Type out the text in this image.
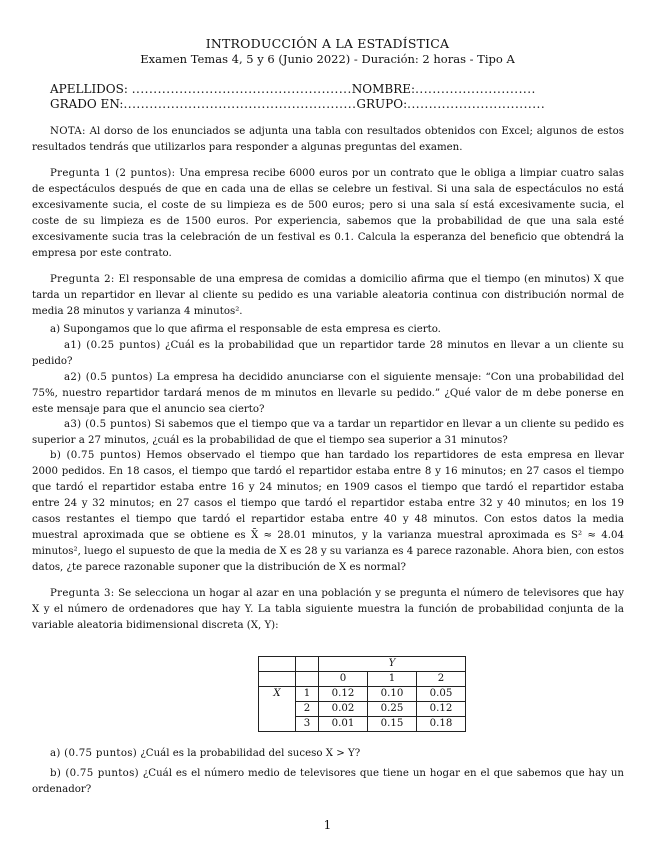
INTRODUCCIÓN A LA ESTADÍSTICA
Examen Temas 4, 5 y 6 (Junio 2022) - Duración: 2 horas - Tipo A
APELLIDOS: ...................................................NOMBRE:............................
GRADO EN:......................................................GRUPO:................................
NOTA: Al dorso de los enunciados se adjunta una tabla con resultados obtenidos con Excel; algunos de estos resultados tendrás que utilizarlos para responder a algunas preguntas del examen.
Pregunta 1 (2 puntos): Una empresa recibe 6000 euros por un contrato que le obliga a limpiar cuatro salas de espectáculos después de que en cada una de ellas se celebre un festival. Si una sala de espectáculos no está excesivamente sucia, el coste de su limpieza es de 500 euros; pero si una sala sí está excesivamente sucia, el coste de su limpieza es de 1500 euros. Por experiencia, sabemos que la probabilidad de que una sala esté excesivamente sucia tras la celebración de un festival es 0.1. Calcula la esperanza del beneficio que obtendrá la empresa por este contrato.
Pregunta 2: El responsable de una empresa de comidas a domicilio afirma que el tiempo (en minutos) X que tarda un repartidor en llevar al cliente su pedido es una variable aleatoria continua con distribución normal de media 28 minutos y varianza 4 minutos².
a) Supongamos que lo que afirma el responsable de esta empresa es cierto.
a1) (0.25 puntos) ¿Cuál es la probabilidad que un repartidor tarde 28 minutos en llevar a un cliente su pedido?
a2) (0.5 puntos) La empresa ha decidido anunciarse con el siguiente mensaje: “Con una probabilidad del 75%, nuestro repartidor tardará menos de m minutos en llevarle su pedido.” ¿Qué valor de m debe ponerse en este mensaje para que el anuncio sea cierto?
a3) (0.5 puntos) Si sabemos que el tiempo que va a tardar un repartidor en llevar a un cliente su pedido es superior a 27 minutos, ¿cuál es la probabilidad de que el tiempo sea superior a 31 minutos?
b) (0.75 puntos) Hemos observado el tiempo que han tardado los repartidores de esta empresa en llevar 2000 pedidos. En 18 casos, el tiempo que tardó el repartidor estaba entre 8 y 16 minutos; en 27 casos el tiempo que tardó el repartidor estaba entre 16 y 24 minutos; en 1909 casos el tiempo que tardó el repartidor estaba entre 24 y 32 minutos; en 27 casos el tiempo que tardó el repartidor estaba entre 32 y 40 minutos; en los 19 casos restantes el tiempo que tardó el repartidor estaba entre 40 y 48 minutos. Con estos datos la media muestral aproximada que se obtiene es X̄ ≈ 28.01 minutos, y la varianza muestral aproximada es S² ≈ 4.04 minutos², luego el supuesto de que la media de X es 28 y su varianza es 4 parece razonable. Ahora bien, con estos datos, ¿te parece razonable suponer que la distribución de X es normal?
Pregunta 3: Se selecciona un hogar al azar en una población y se pregunta el número de televisores que hay X y el número de ordenadores que hay Y. La tabla siguiente muestra la función de probabilidad conjunta de la variable aleatoria bidimensional discreta (X, Y):
		Y		
		0	1	2
X	1	0.12	0.10	0.05
	2	0.02	0.25	0.12
	3	0.01	0.15	0.18
a) (0.75 puntos) ¿Cuál es la probabilidad del suceso X > Y?
b) (0.75 puntos) ¿Cuál es el número medio de televisores que tiene un hogar en el que sabemos que hay un ordenador?
1
